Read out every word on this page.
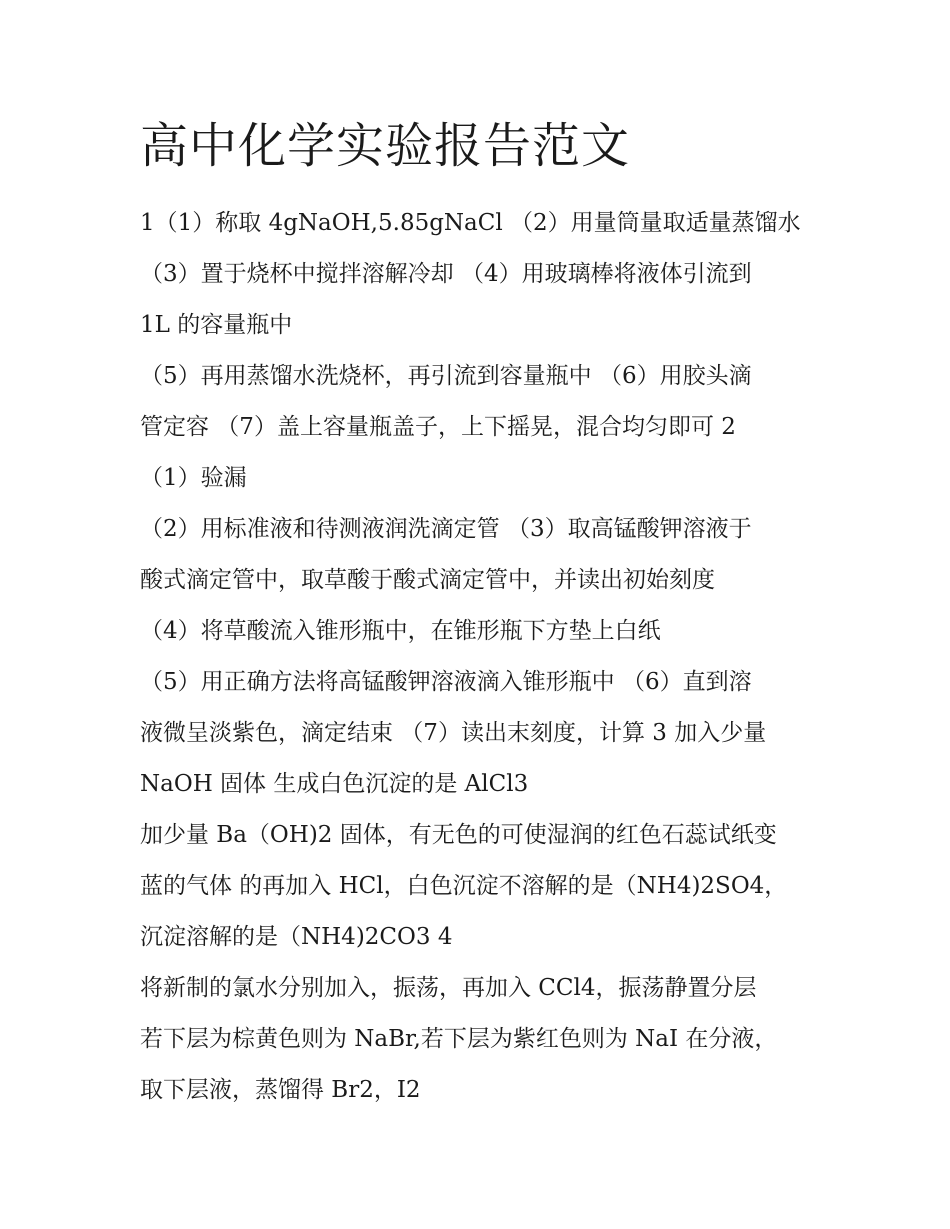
高中化学实验报告范文
1（1）称取 4gNaOH,5.85gNaCl （2）用量筒量取适量蒸馏水
（3）置于烧杯中搅拌溶解冷却 （4）用玻璃棒将液体引流到
1L 的容量瓶中
（5）再用蒸馏水洗烧杯，再引流到容量瓶中 （6）用胶头滴
管定容 （7）盖上容量瓶盖子，上下摇晃，混合均匀即可 2
（1）验漏
（2）用标准液和待测液润洗滴定管 （3）取高锰酸钾溶液于
酸式滴定管中，取草酸于酸式滴定管中，并读出初始刻度
（4）将草酸流入锥形瓶中，在锥形瓶下方垫上白纸
（5）用正确方法将高锰酸钾溶液滴入锥形瓶中 （6）直到溶
液微呈淡紫色，滴定结束 （7）读出末刻度，计算 3 加入少量
NaOH 固体 生成白色沉淀的是 AlCl3
加少量 Ba（OH)2 固体，有无色的可使湿润的红色石蕊试纸变
蓝的气体 的再加入 HCl，白色沉淀不溶解的是（NH4)2SO4，
沉淀溶解的是（NH4)2CO3 4
将新制的氯水分别加入，振荡，再加入 CCl4，振荡静置分层
若下层为棕黄色则为 NaBr,若下层为紫红色则为 NaI 在分液，
取下层液，蒸馏得 Br2，I2
